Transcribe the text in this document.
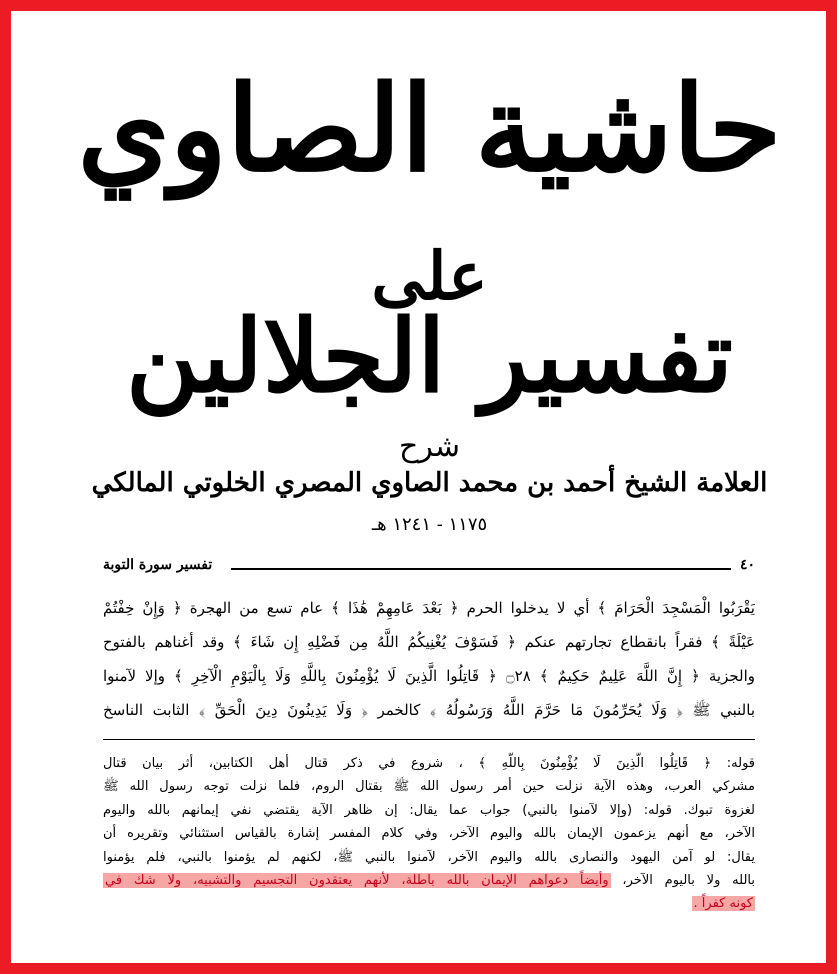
حاشية الصاوي
على
تفسير الجلالين
شرح
العلامة الشيخ أحمد بن محمد الصاوي المصري الخلوتي المالكي
١١٧٥ - ١٢٤١ هـ
٤٠
تفسير سورة التوبة
يَقْرَبُوا الْمَسْجِدَ الْحَرَامَ ﴾ أي لا يدخلوا الحرم ﴿ بَعْدَ عَامِهِمْ هَٰذَا ﴾ عام تسع من الهجرة ﴿ وَإِنْ خِفْتُمْ
عَيْلَةً ﴾ فقراً بانقطاع تجارتهم عنكم ﴿ فَسَوْفَ يُغْنِيكُمُ اللَّهُ مِن فَضْلِهِ إِن شَاءَ ﴾ وقد أغناهم بالفتوح
والجزية ﴿ إِنَّ اللَّهَ عَلِيمٌ حَكِيمٌ ﴾ ۝٢٨ ﴿ قَاتِلُوا الَّذِينَ لَا يُؤْمِنُونَ بِاللَّهِ وَلَا بِالْيَوْمِ الْآخِرِ ﴾ وإلا لآمنوا
بالنبي ﷺ ﴿ وَلَا يُحَرِّمُونَ مَا حَرَّمَ اللَّهُ وَرَسُولُهُ ﴾ كالخمر ﴿ وَلَا يَدِينُونَ دِينَ الْحَقِّ ﴾ الثابت الناسخ
قوله: ﴿ قَاتِلُوا الَّذِينَ لَا يُؤْمِنُونَ بِاللَّهِ ﴾ ، شروع في ذكر قتال أهل الكتابين، أثر بيان قتال
مشركي العرب، وهذه الآية نزلت حين أمر رسول الله ﷺ بقتال الروم، فلما نزلت توجه رسول الله ﷺ
لغزوة تبوك. قوله: (وإلا لآمنوا بالنبي) جواب عما يقال: إن ظاهر الآية يقتضي نفي إيمانهم بالله واليوم
الآخر، مع أنهم يزعمون الإيمان بالله واليوم الآخر، وفي كلام المفسر إشارة بالقياس استثنائي وتقريره أن
يقال: لو آمن اليهود والنصارى بالله واليوم الآخر، لآمنوا بالنبي ﷺ، لكنهم لم يؤمنوا بالنبي، فلم يؤمنوا
بالله ولا باليوم الآخر، وأيضاً دعواهم الإيمان بالله باطلة، لأنهم يعتقدون التجسيم والتشبيه، ولا شك في
كونه كفراً .
